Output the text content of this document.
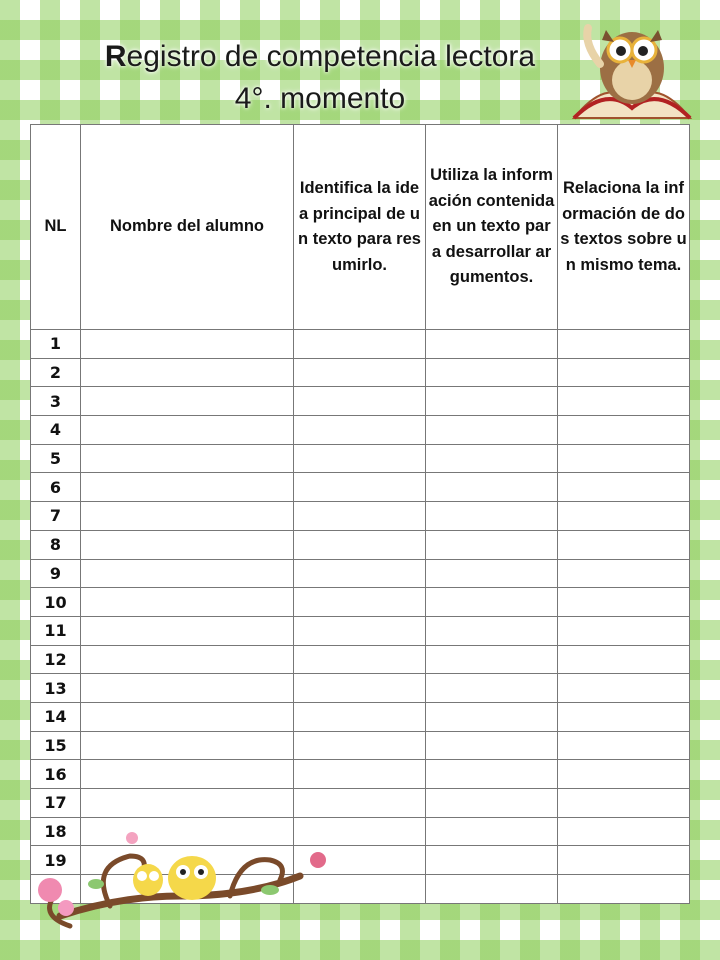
Registro de competencia lectora
4°. momento
NL	Nombre del alumno	Identifica la idea principal de un texto para resumirlo.	Utiliza la información contenida en un texto para desarrollar argumentos.	Relaciona la información de dos textos sobre un mismo tema.
1				
2				
3				
4				
5				
6				
7				
8				
9				
10				
11				
12				
13				
14				
15				
16				
17				
18				
19				
